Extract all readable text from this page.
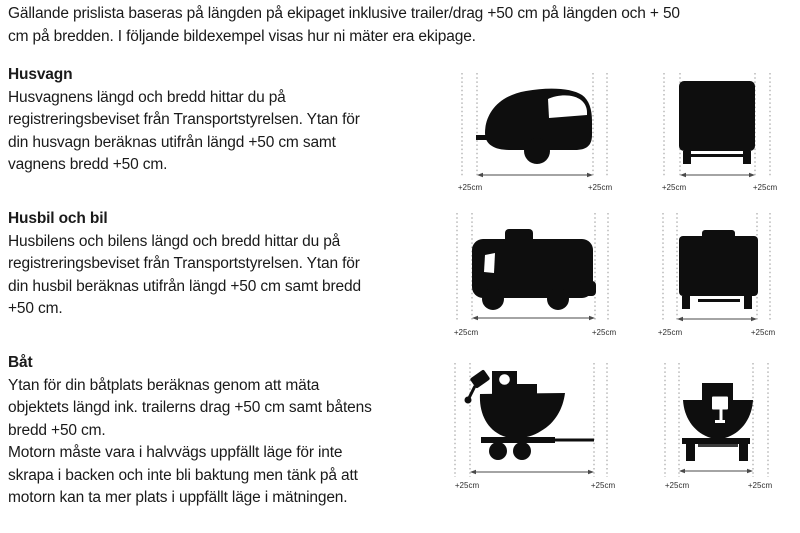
Gällande prislista baseras på längden på ekipaget inklusive trailer/drag +50 cm på längden och + 50
cm på bredden. I följande bildexempel visas hur ni mäter era ekipage.
Husvagn
Husvagnens längd och bredd hittar du på
registreringsbeviset från Transportstyrelsen. Ytan för
din husvagn beräknas utifrån längd +50 cm samt
vagnens bredd +50 cm.
Husbil och bil
Husbilens och bilens längd och bredd hittar du på
registreringsbeviset från Transportstyrelsen. Ytan för
din husbil beräknas utifrån längd +50 cm samt bredd
+50 cm.
Båt
Ytan för din båtplats beräknas genom att mäta
objektets längd ink. trailerns drag +50 cm samt båtens
bredd +50 cm.
Motorn måste vara i halvvägs uppfällt läge för inte
skrapa i backen och inte bli baktung men tänk på att
motorn kan ta mer plats i uppfällt läge i mätningen.
+25cm	+25cm	+25cm	+25cm
+25cm	+25cm	+25cm	+25cm
+25cm	+25cm	+25cm	+25cm
